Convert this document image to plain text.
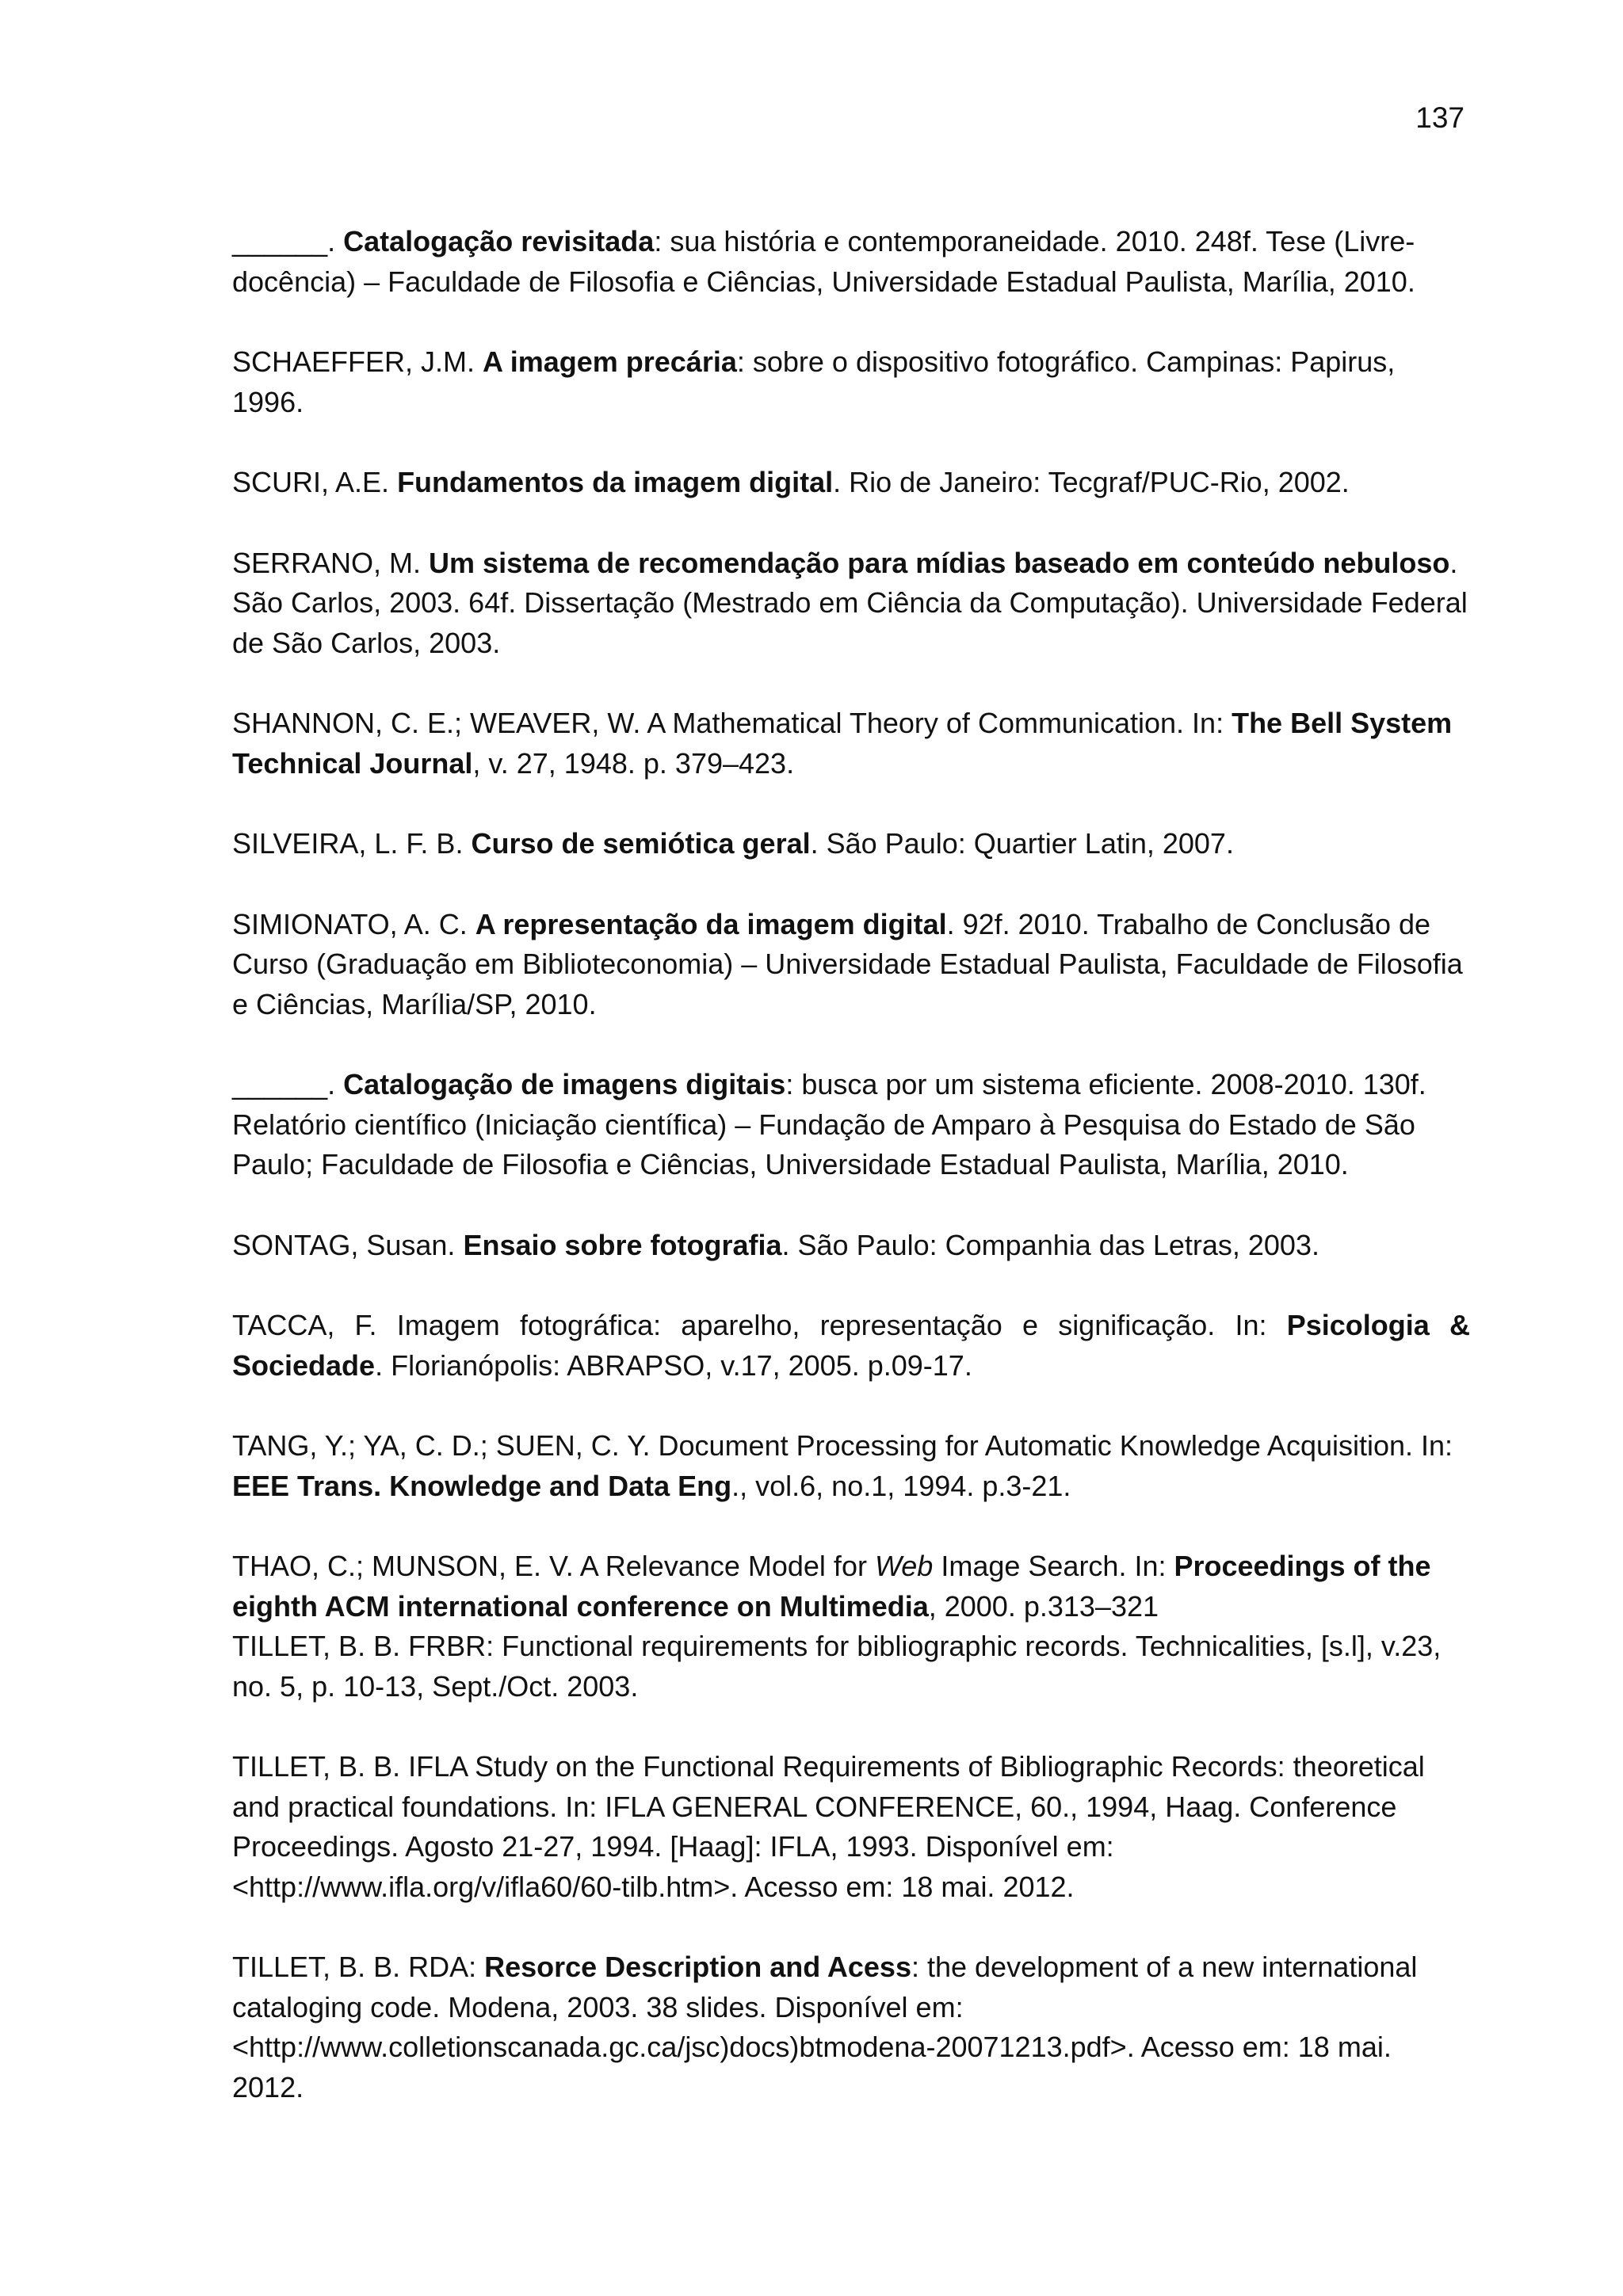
137

______. Catalogação revisitada: sua história e contemporaneidade. 2010. 248f. Tese (Livre-docência) – Faculdade de Filosofia e Ciências, Universidade Estadual Paulista, Marília, 2010.

SCHAEFFER, J.M. A imagem precária: sobre o dispositivo fotográfico. Campinas: Papirus, 1996.

SCURI, A.E. Fundamentos da imagem digital. Rio de Janeiro: Tecgraf/PUC-Rio, 2002.

SERRANO, M. Um sistema de recomendação para mídias baseado em conteúdo nebuloso. São Carlos, 2003. 64f. Dissertação (Mestrado em Ciência da Computação). Universidade Federal de São Carlos, 2003.

SHANNON, C. E.; WEAVER, W. A Mathematical Theory of Communication. In: The Bell System Technical Journal, v. 27, 1948. p. 379–423.

SILVEIRA, L. F. B. Curso de semiótica geral. São Paulo: Quartier Latin, 2007.

SIMIONATO, A. C. A representação da imagem digital. 92f. 2010. Trabalho de Conclusão de Curso (Graduação em Biblioteconomia) – Universidade Estadual Paulista, Faculdade de Filosofia e Ciências, Marília/SP, 2010.

______. Catalogação de imagens digitais: busca por um sistema eficiente. 2008-2010. 130f. Relatório científico (Iniciação científica) – Fundação de Amparo à Pesquisa do Estado de São Paulo; Faculdade de Filosofia e Ciências, Universidade Estadual Paulista, Marília, 2010.

SONTAG, Susan. Ensaio sobre fotografia. São Paulo: Companhia das Letras, 2003.

TACCA, F. Imagem fotográfica: aparelho, representação e significação. In: Psicologia & Sociedade. Florianópolis: ABRAPSO, v.17, 2005. p.09-17.

TANG, Y.; YA, C. D.; SUEN, C. Y. Document Processing for Automatic Knowledge Acquisition. In: EEE Trans. Knowledge and Data Eng., vol.6, no.1, 1994. p.3-21.

THAO, C.; MUNSON, E. V. A Relevance Model for Web Image Search. In: Proceedings of the eighth ACM international conference on Multimedia, 2000. p.313–321

TILLET, B. B. FRBR: Functional requirements for bibliographic records. Technicalities, [s.l], v.23, no. 5, p. 10-13, Sept./Oct. 2003.

TILLET, B. B. IFLA Study on the Functional Requirements of Bibliographic Records: theoretical and practical foundations. In: IFLA GENERAL CONFERENCE, 60., 1994, Haag. Conference Proceedings. Agosto 21-27, 1994. [Haag]: IFLA, 1993. Disponível em: <http://www.ifla.org/v/ifla60/60-tilb.htm>. Acesso em: 18 mai. 2012.

TILLET, B. B. RDA: Resorce Description and Acess: the development of a new international cataloging code. Modena, 2003. 38 slides. Disponível em: <http://www.colletionscanada.gc.ca/jsc)docs)btmodena-20071213.pdf>. Acesso em: 18 mai. 2012.
